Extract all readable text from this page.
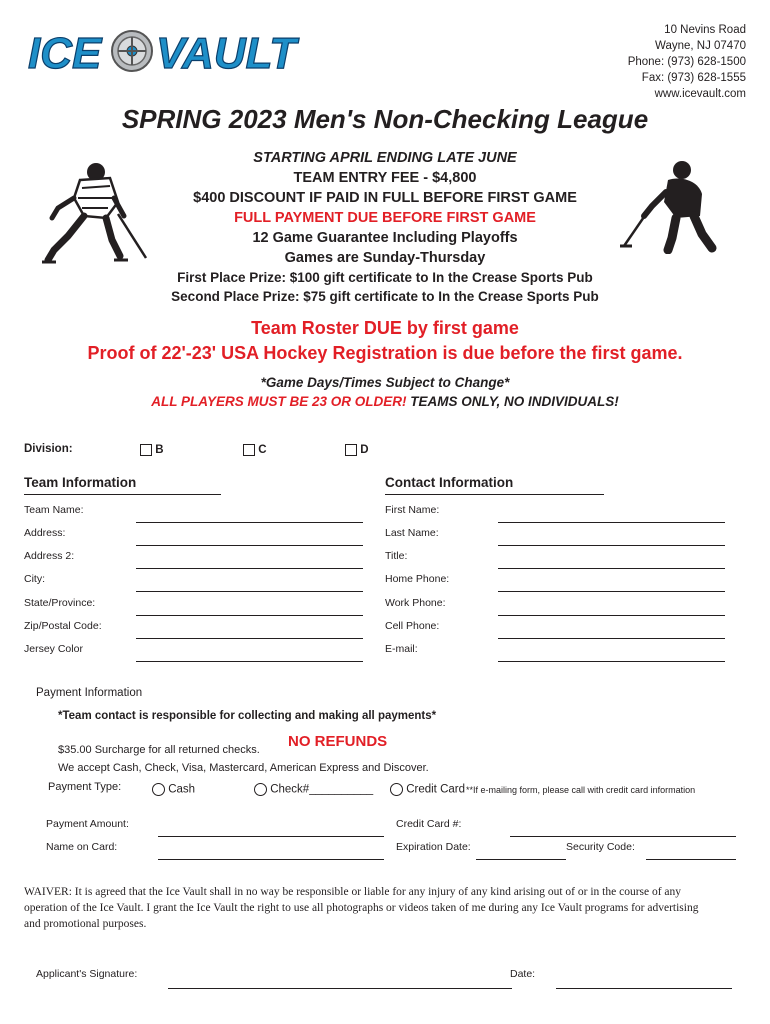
ICE VAULT	10 Nevins Road
Wayne, NJ 07470
Phone: (973) 628-1500
Fax: (973) 628-1555
www.icevault.com
SPRING 2023 Men's Non-Checking League
STARTING APRIL ENDING LATE JUNE
TEAM ENTRY FEE - $4,800
$400 DISCOUNT IF PAID IN FULL BEFORE FIRST GAME
FULL PAYMENT DUE BEFORE FIRST GAME
12 Game Guarantee Including Playoffs
Games are Sunday-Thursday
First Place Prize: $100 gift certificate to In the Crease Sports Pub
Second Place Prize: $75 gift certificate to In the Crease Sports Pub
Team Roster DUE by first game
Proof of 22'-23' USA Hockey Registration is due before the first game.
*Game Days/Times Subject to Change*
ALL PLAYERS MUST BE 23 OR OLDER! TEAMS ONLY, NO INDIVIDUALS!
Division:	B	C	D
Team Information
Team Name:
Address:
Address 2:
City:
State/Province:
Zip/Postal Code:
Jersey Color
Contact Information
First Name:
Last Name:
Title:
Home Phone:
Work Phone:
Cell Phone:
E-mail:
Payment Information
*Team contact is responsible for collecting and making all payments*
$35.00 Surcharge for all returned checks. NO REFUNDS
We accept Cash, Check, Visa, Mastercard, American Express and Discover.
Payment Type:	Cash	Check#__________	Credit Card **If e-mailing form, please call with credit card information
Payment Amount:
Name on Card:
Credit Card #:
Expiration Date:	Security Code:
WAIVER: It is agreed that the Ice Vault shall in no way be responsible or liable for any injury of any kind arising out of or in the course of any operation of the Ice Vault. I grant the Ice Vault the right to use all photographs or videos taken of me during any Ice Vault programs for advertising and promotional purposes.
Applicant's Signature:	Date:
